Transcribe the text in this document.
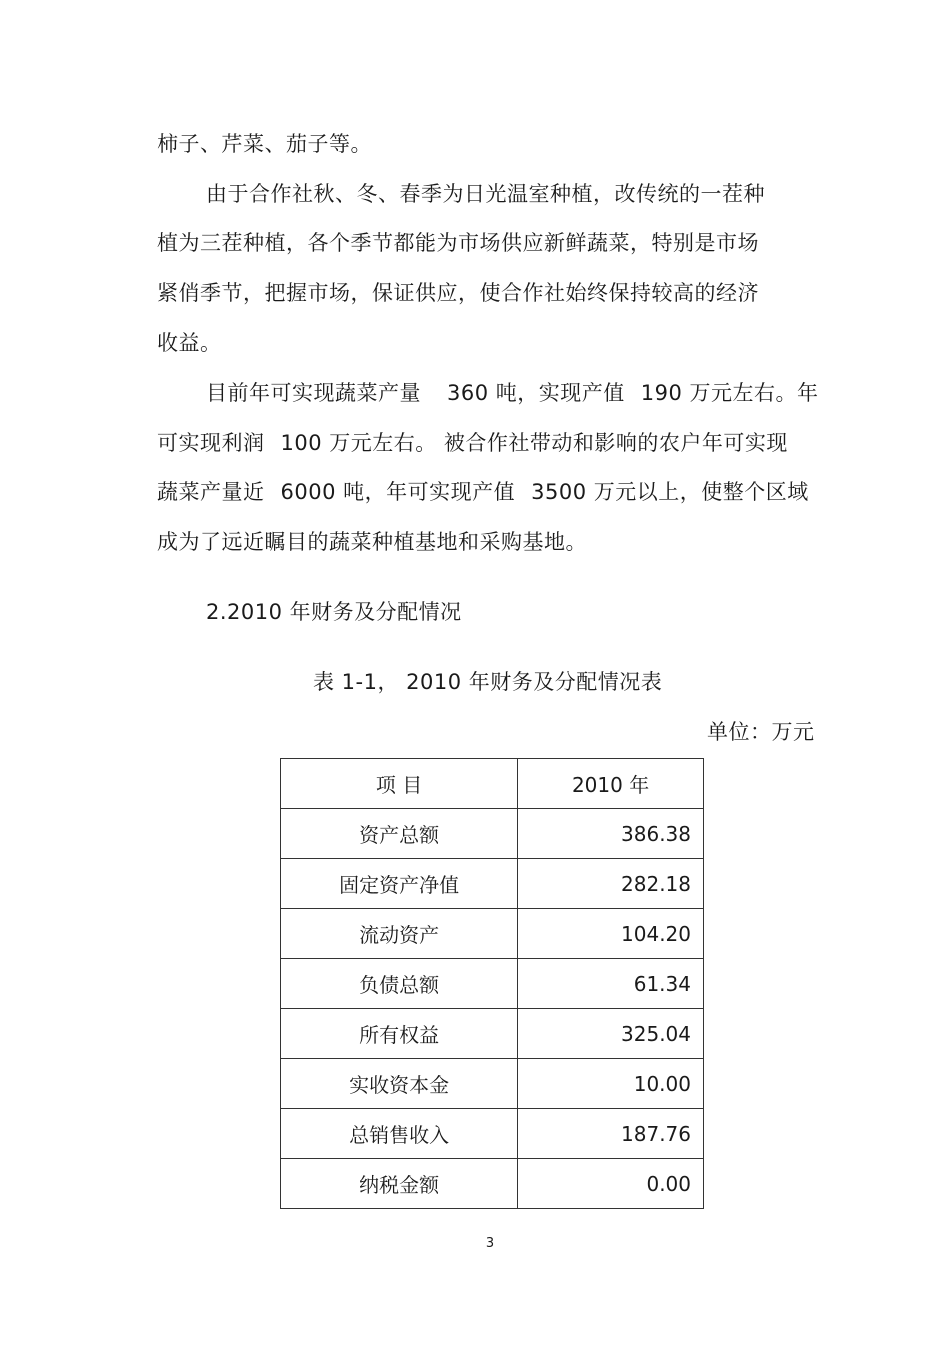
柿子、芹菜、茄子等。
由于合作社秋、冬、春季为日光温室种植，改传统的一茬种
植为三茬种植，各个季节都能为市场供应新鲜蔬菜，特别是市场
紧俏季节，把握市场，保证供应，使合作社始终保持较高的经济
收益。
目前年可实现蔬菜产量 360 吨，实现产值 190 万元左右。年
可实现利润 100 万元左右。 被合作社带动和影响的农户年可实现
蔬菜产量近 6000 吨，年可实现产值 3500 万元以上，使整个区域
成为了远近瞩目的蔬菜种植基地和采购基地。
2.2010 年财务及分配情况
表 1-1， 2010 年财务及分配情况表
单位：万元
项 目	2010 年
资产总额	386.38
固定资产净值	282.18
流动资产	104.20
负债总额	61.34
所有权益	325.04
实收资本金	10.00
总销售收入	187.76
纳税金额	0.00
3
